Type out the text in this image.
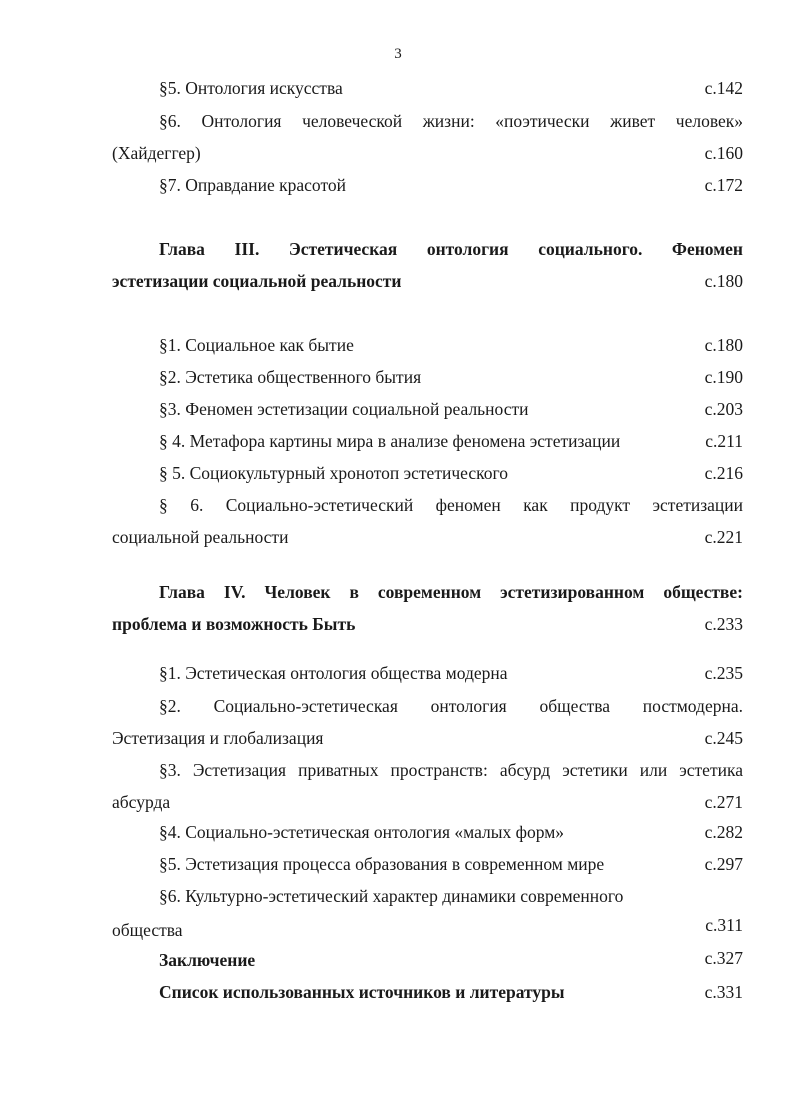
3
§5. Онтология искусства	с.142
§6. Онтология человеческой жизни: «поэтически живет человек»
(Хайдеггер)	с.160
§7. Оправдание красотой	с.172
Глава III. Эстетическая онтология социального. Феномен
эстетизации социальной реальности	с.180
§1. Социальное как бытие	с.180
§2. Эстетика общественного бытия	с.190
§3. Феномен эстетизации социальной реальности	с.203
§ 4. Метафора картины мира в анализе феномена эстетизации	с.211
§ 5. Социокультурный хронотоп эстетического	с.216
§ 6. Социально-эстетический феномен как продукт эстетизации
социальной реальности	с.221
Глава IV. Человек в современном эстетизированном обществе:
проблема и возможность Быть	с.233
§1. Эстетическая онтология общества модерна	с.235
§2. Социально-эстетическая онтология общества постмодерна.
Эстетизация и глобализация	с.245
§3. Эстетизация приватных пространств: абсурд эстетики или эстетика
абсурда	с.271
§4. Социально-эстетическая онтология «малых форм»	с.282
§5. Эстетизация процесса образования в современном мире	с.297
§6. Культурно-эстетический характер динамики современного
общества	с.311
Заключение	с.327
Список использованных источников и литературы	с.331
